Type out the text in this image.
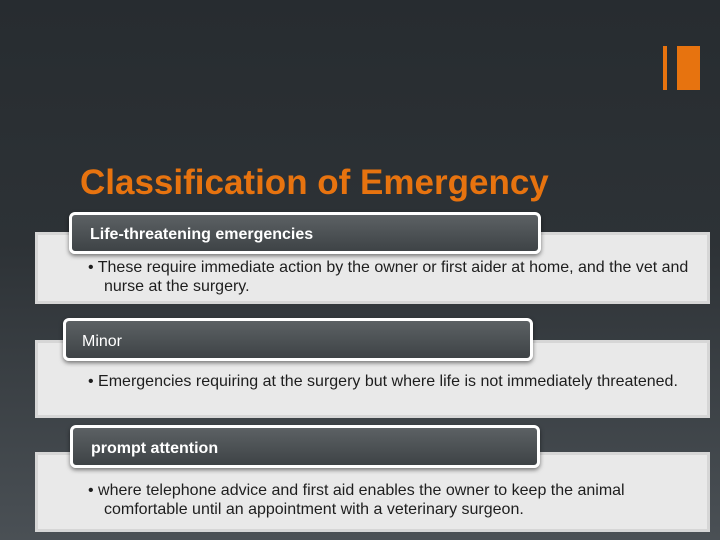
Classification of Emergency
• These require immediate action by the owner or first aider at home, and the vet and nurse at the surgery.
• Emergencies requiring at the surgery but where life is not immediately threatened.
• where telephone advice and first aid enables the owner to keep the animal comfortable until an appointment with a veterinary surgeon.
Life-threatening emergencies
Minor
prompt attention
